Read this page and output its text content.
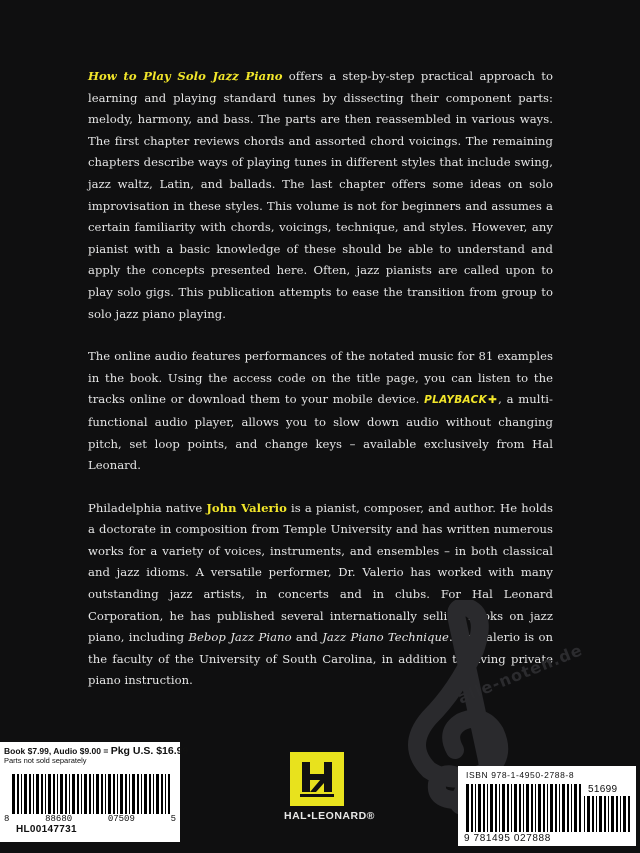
How to Play Solo Jazz Piano offers a step-by-step practical approach to learning and playing standard tunes by dissecting their component parts: melody, harmony, and bass. The parts are then reassembled in various ways. The first chapter reviews chords and assorted chord voicings. The remaining chapters describe ways of playing tunes in different styles that include swing, jazz waltz, Latin, and ballads. The last chapter offers some ideas on solo improvisation in these styles. This volume is not for beginners and assumes a certain familiarity with chords, voicings, technique, and styles. However, any pianist with a basic knowledge of these should be able to understand and apply the concepts presented here. Often, jazz pianists are called upon to play solo gigs. This publication attempts to ease the transition from group to solo jazz piano playing.

The online audio features performances of the notated music for 81 examples in the book. Using the access code on the title page, you can listen to the tracks online or download them to your mobile device. PLAYBACK✚, a multi-functional audio player, allows you to slow down audio without changing pitch, set loop points, and change keys – available exclusively from Hal Leonard.

Philadelphia native John Valerio is a pianist, composer, and author. He holds a doctorate in composition from Temple University and has written numerous works for a variety of voices, instruments, and ensembles – in both classical and jazz idioms. A versatile performer, Dr. Valerio has worked with many outstanding jazz artists, in concerts and in clubs. For Hal Leonard Corporation, he has published several internationally selling books on jazz piano, including Bebop Jazz Piano and Jazz Piano Technique. Dr. Valerio is on the faculty of the University of South Carolina, in addition to giving private piano instruction.	alle-noten.de
Book $7.99, Audio $9.00 = Pkg U.S. $16.99
Parts not sold separately
8	88680	07509	5
HL00147731
HAL•LEONARD®
ISBN 978-1-4950-2788-8
51699
9 781495 027888
